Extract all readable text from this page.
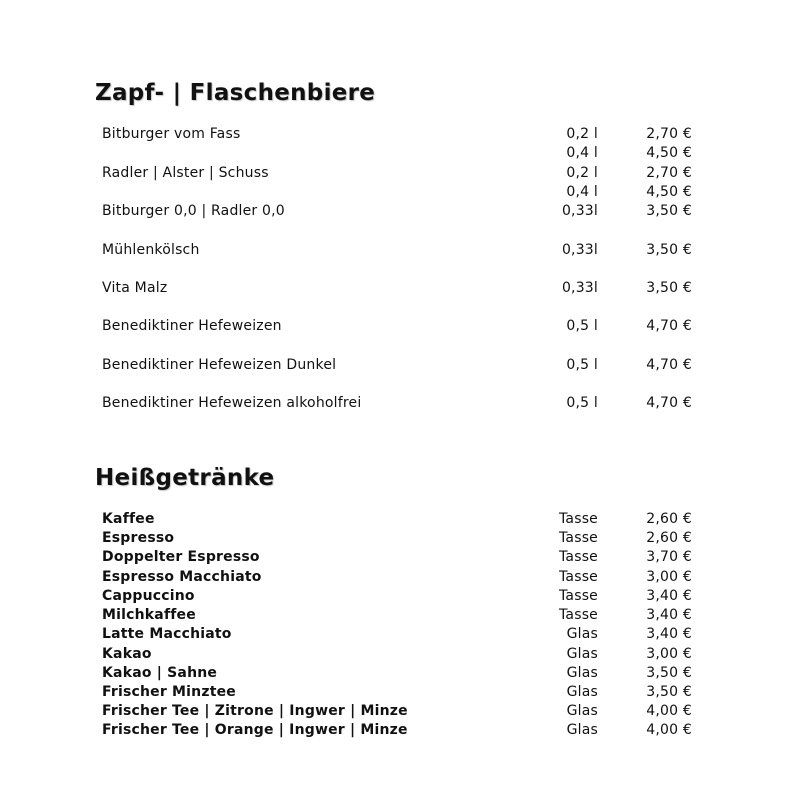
Zapf- | Flaschenbiere
Bitburger vom Fass	0,2 l	2,70 €
0,4 l	4,50 €
Radler | Alster | Schuss	0,2 l	2,70 €
0,4 l	4,50 €
Bitburger 0,0 | Radler 0,0	0,33l	3,50 €
Mühlenkölsch	0,33l	3,50 €
Vita Malz	0,33l	3,50 €
Benediktiner Hefeweizen	0,5 l	4,70 €
Benediktiner Hefeweizen Dunkel	0,5 l	4,70 €
Benediktiner Hefeweizen alkoholfrei	0,5 l	4,70 €
Heißgetränke
Kaffee	Tasse	2,60 €
Espresso	Tasse	2,60 €
Doppelter Espresso	Tasse	3,70 €
Espresso Macchiato	Tasse	3,00 €
Cappuccino	Tasse	3,40 €
Milchkaffee	Tasse	3,40 €
Latte Macchiato	Glas	3,40 €
Kakao	Glas	3,00 €
Kakao | Sahne	Glas	3,50 €
Frischer Minztee	Glas	3,50 €
Frischer Tee | Zitrone | Ingwer | Minze	Glas	4,00 €
Frischer Tee | Orange | Ingwer | Minze	Glas	4,00 €
